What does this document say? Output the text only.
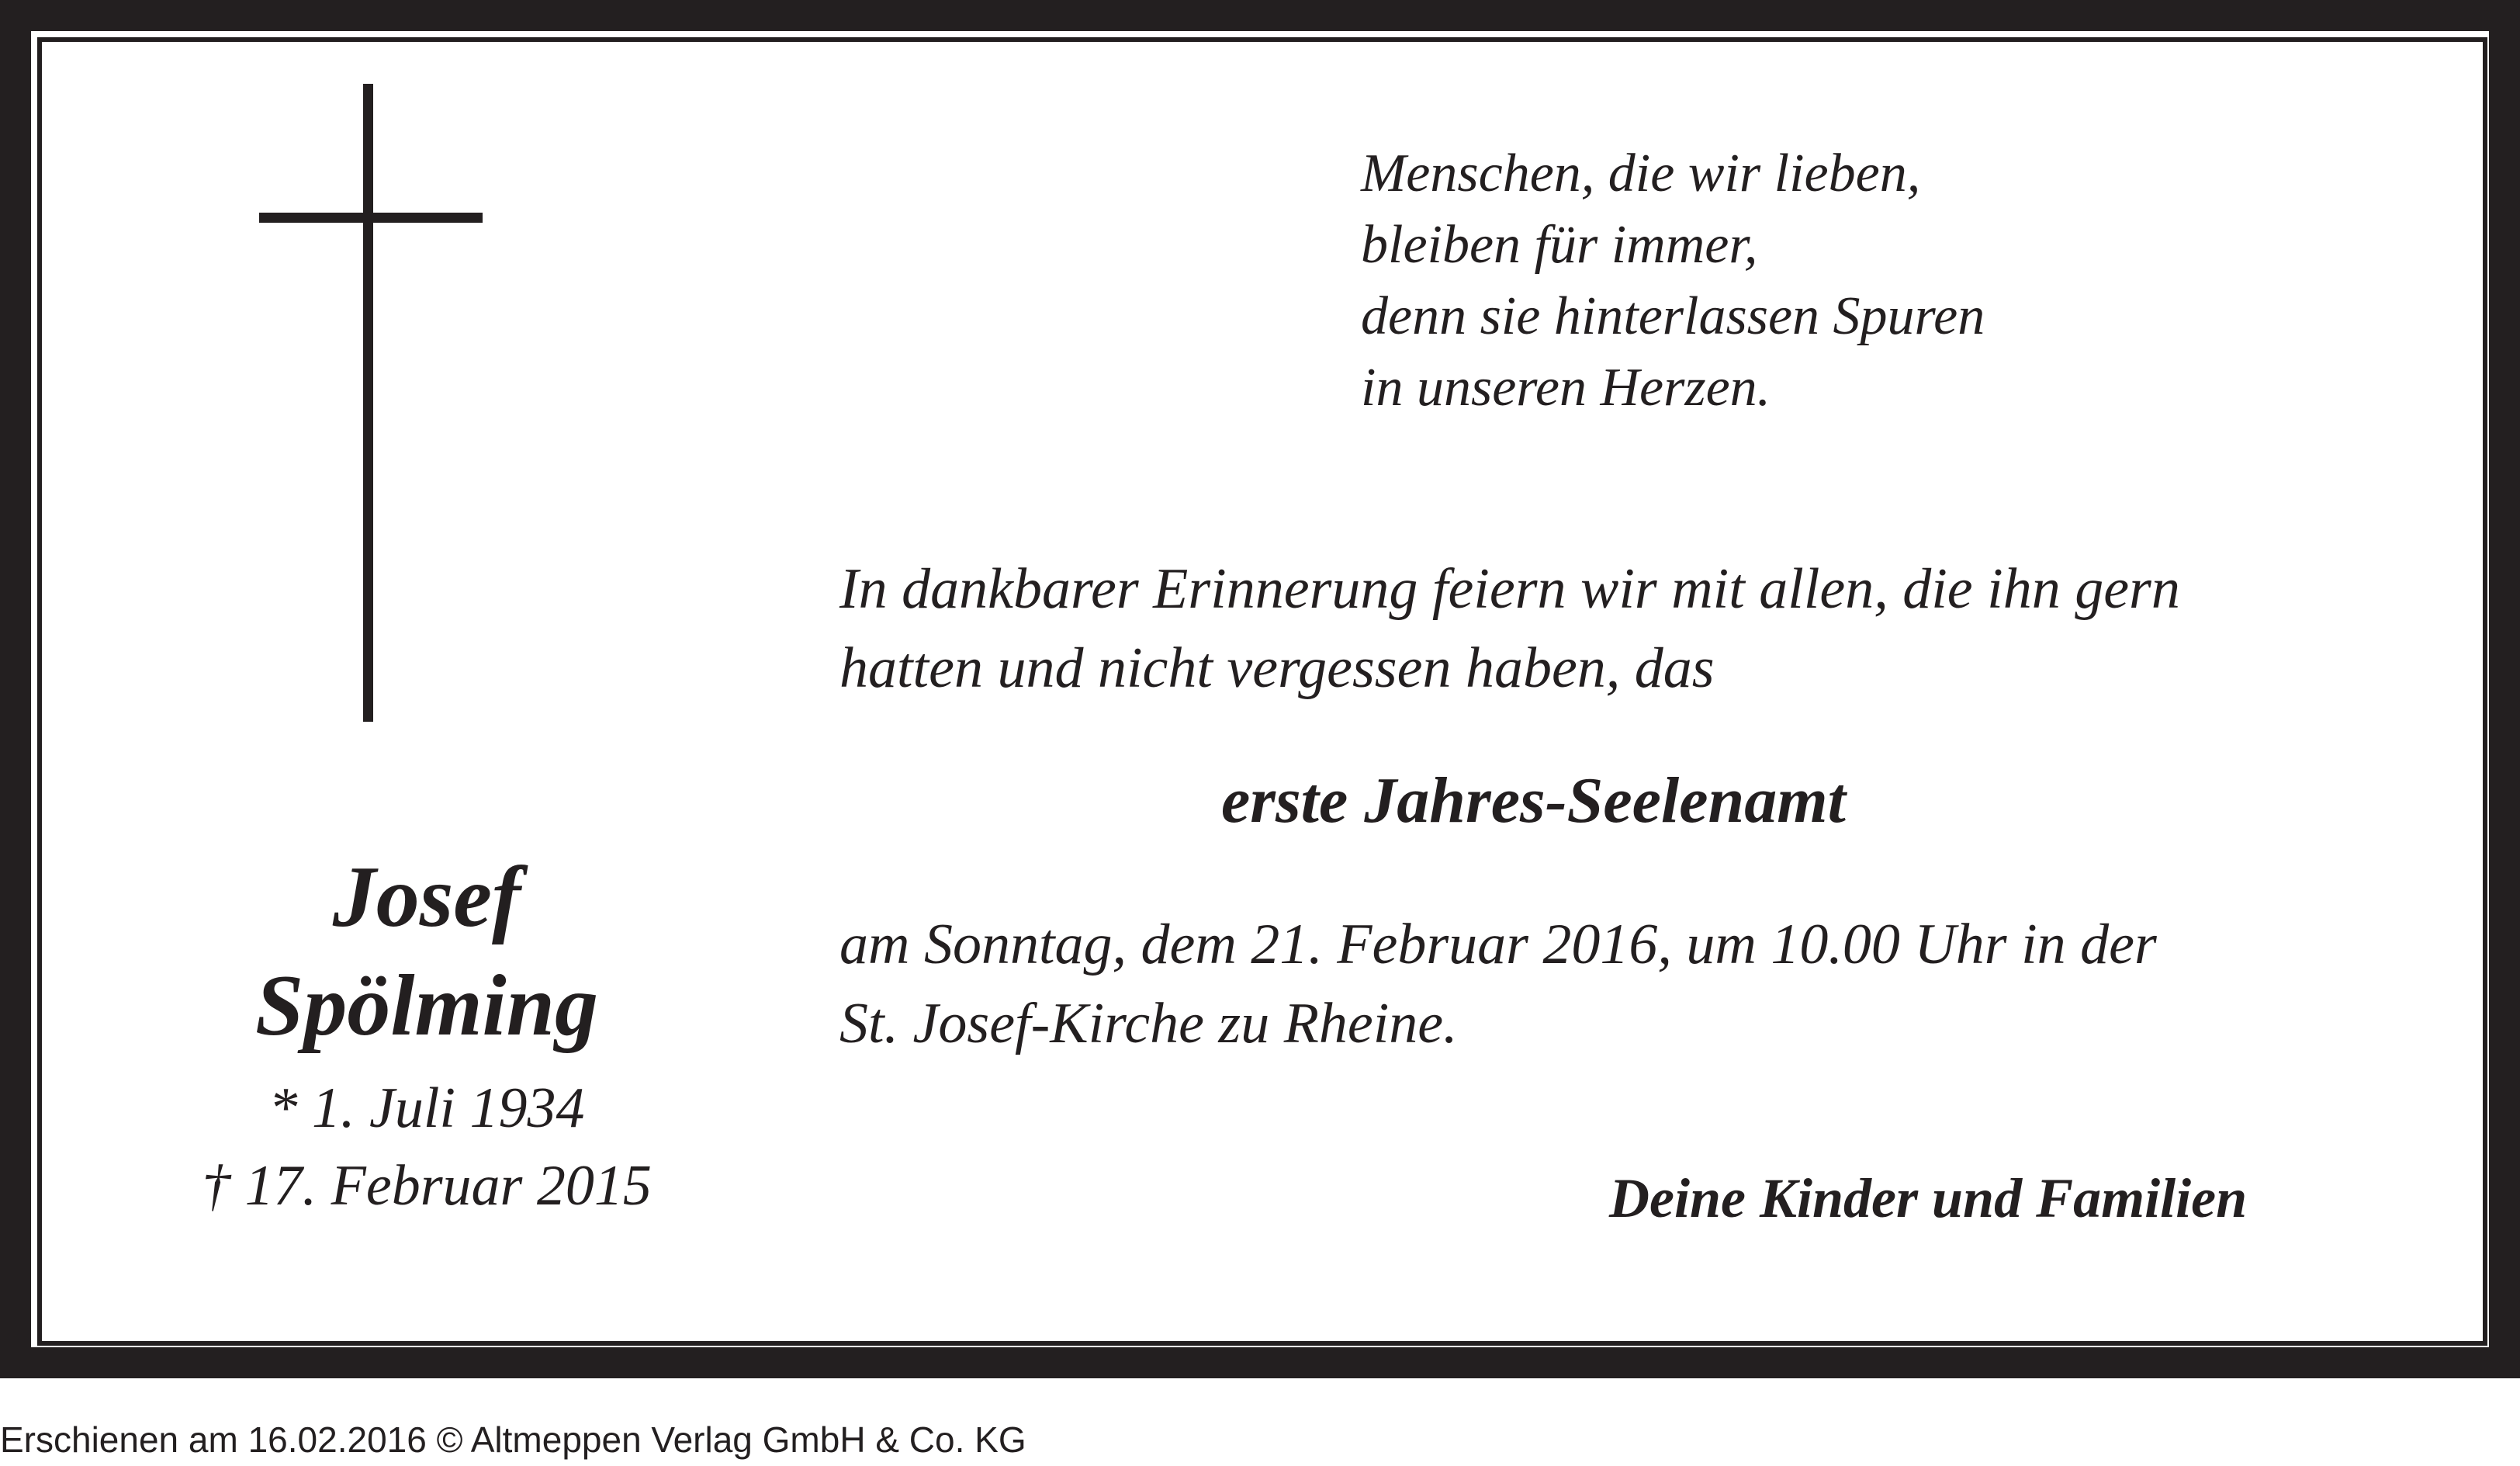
Menschen, die wir lieben,
bleiben für immer,
denn sie hinterlassen Spuren
in unseren Herzen.
In dankbarer Erinnerung feiern wir mit allen, die ihn gern
hatten und nicht vergessen haben, das
erste Jahres-Seelenamt
am Sonntag, dem 21. Februar 2016, um 10.00 Uhr in der
St. Josef-Kirche zu Rheine.
Deine Kinder und Familien
Josef
Spölming
* 1. Juli 1934
† 17. Februar 2015
Erschienen am 16.02.2016 © Altmeppen Verlag GmbH & Co. KG
